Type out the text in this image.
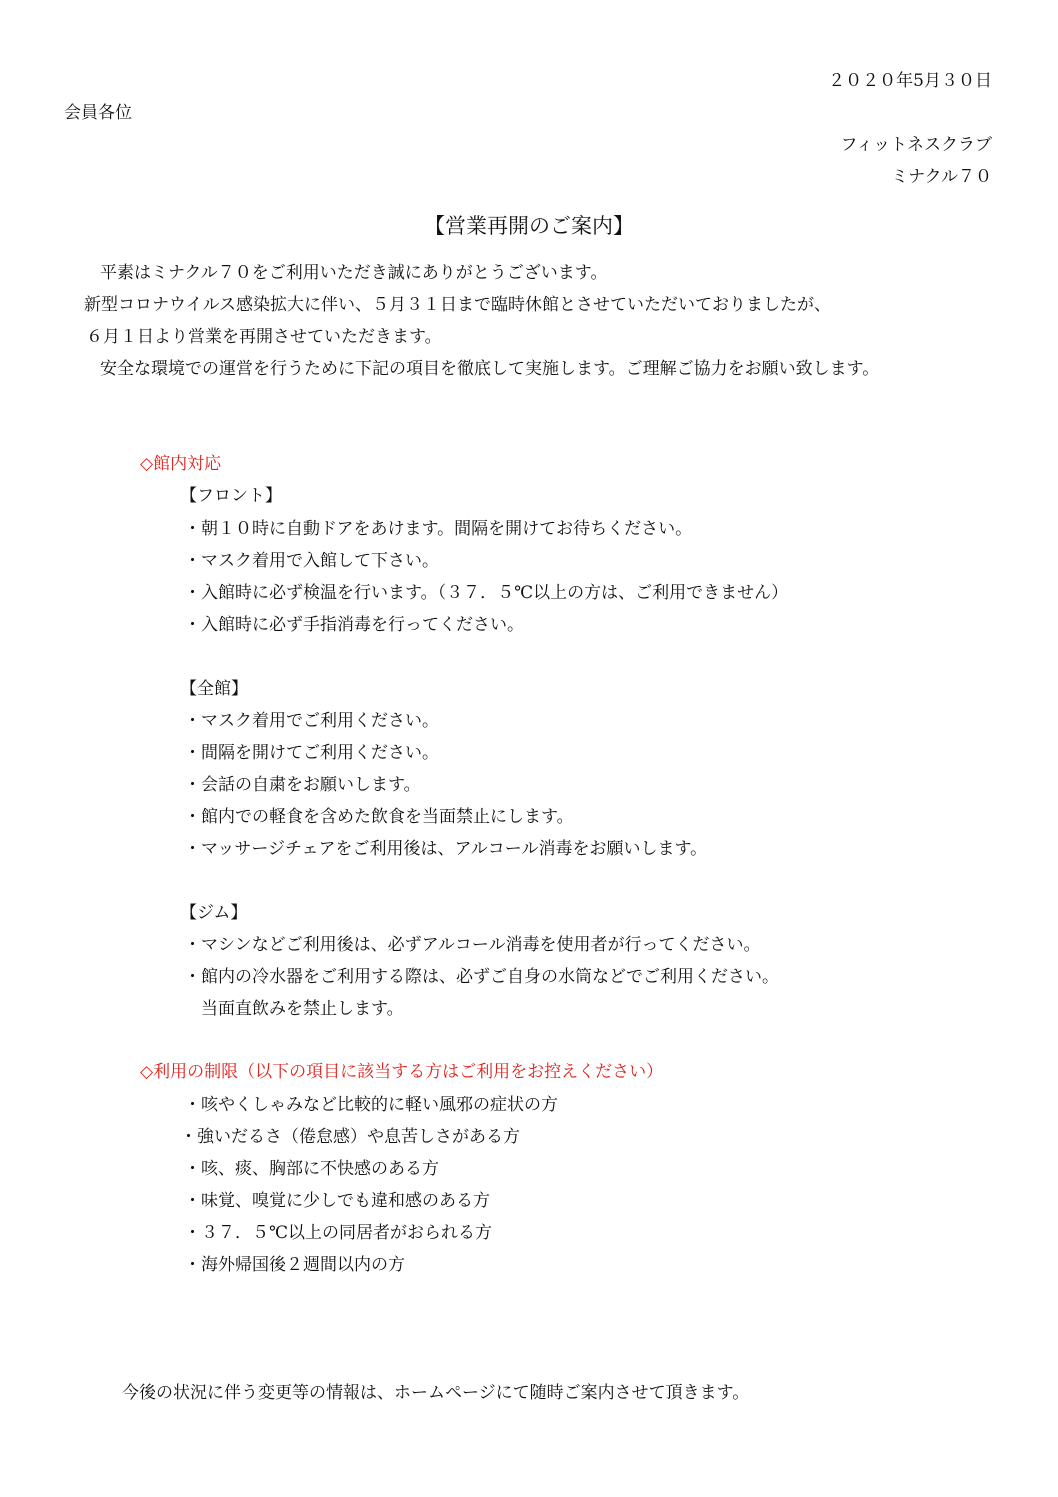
２０２０年5月３０日
会員各位
フィットネスクラブ
ミナクル７０
【営業再開のご案内】
平素はミナクル７０をご利用いただき誠にありがとうございます。
新型コロナウイルス感染拡大に伴い、５月３１日まで臨時休館とさせていただいておりましたが、
６月１日より営業を再開させていただきます。
安全な環境での運営を行うために下記の項目を徹底して実施します。ご理解ご協力をお願い致します。
◇館内対応
【フロント】
・朝１０時に自動ドアをあけます。間隔を開けてお待ちください。
・マスク着用で入館して下さい。
・入館時に必ず検温を行います。（３７．５℃以上の方は、ご利用できません）
・入館時に必ず手指消毒を行ってください。
【全館】
・マスク着用でご利用ください。
・間隔を開けてご利用ください。
・会話の自粛をお願いします。
・館内での軽食を含めた飲食を当面禁止にします。
・マッサージチェアをご利用後は、アルコール消毒をお願いします。
【ジム】
・マシンなどご利用後は、必ずアルコール消毒を使用者が行ってください。
・館内の冷水器をご利用する際は、必ずご自身の水筒などでご利用ください。
　当面直飲みを禁止します。
◇利用の制限（以下の項目に該当する方はご利用をお控えください）
・咳やくしゃみなど比較的に軽い風邪の症状の方
・強いだるさ（倦怠感）や息苦しさがある方
・咳、痰、胸部に不快感のある方
・味覚、嗅覚に少しでも違和感のある方
・３７．５℃以上の同居者がおられる方
・海外帰国後２週間以内の方
今後の状況に伴う変更等の情報は、ホームページにて随時ご案内させて頂きます。
